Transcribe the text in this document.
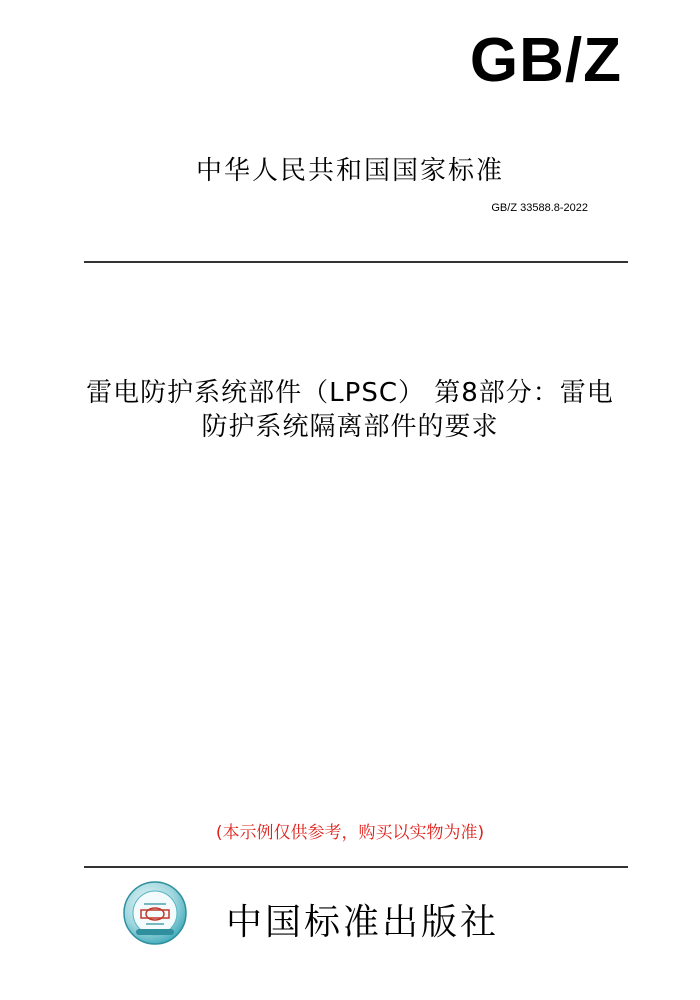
GB/Z
中华人民共和国国家标准
GB/Z 33588.8-2022
雷电防护系统部件（LPSC） 第8部分：雷电
防护系统隔离部件的要求
(本示例仅供参考，购买以实物为准)
中国标准出版社
